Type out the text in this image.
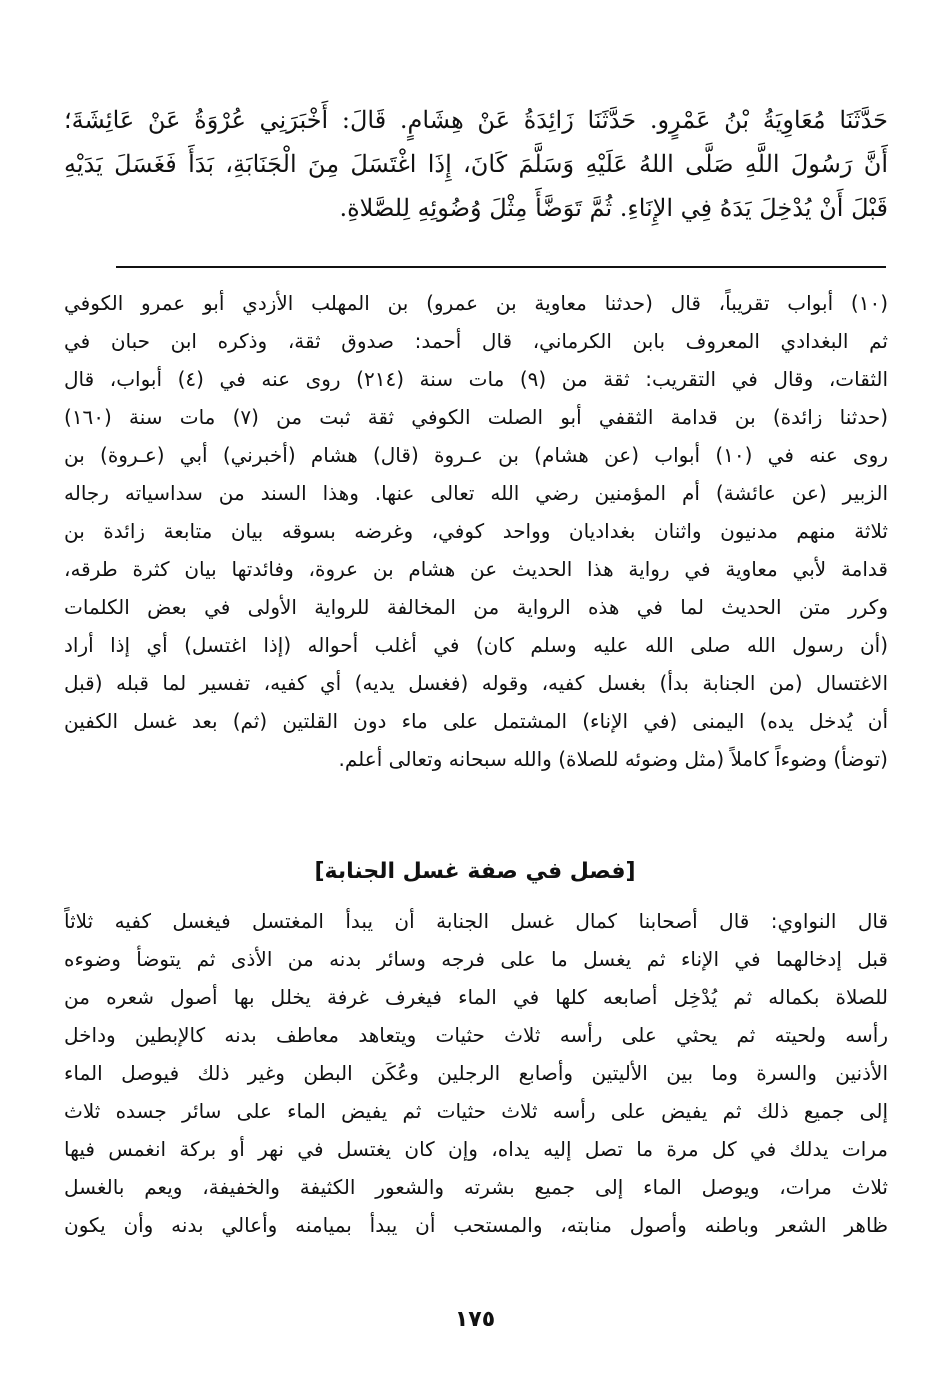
حَدَّثَنَا مُعَاوِيَةُ بْنُ عَمْرٍو. حَدَّثَنَا زَائِدَةُ عَنْ هِشَامٍ. قَالَ: أَخْبَرَنِي عُرْوَةُ عَنْ عَائِشَةَ؛
أَنَّ رَسُولَ اللَّهِ صَلَّى اللهُ عَلَيْهِ وَسَلَّمَ كَانَ، إِذَا اغْتَسَلَ مِنَ الْجَنَابَةِ، بَدَأَ فَغَسَلَ يَدَيْهِ
قَبْلَ أَنْ يُدْخِلَ يَدَهُ فِي الإِنَاءِ. ثُمَّ تَوَضَّأَ مِثْلَ وُضُوئِهِ لِلصَّلاةِ.
(١٠) أبواب تقريباً، قال (حدثنا معاوية بن عمرو) بن المهلب الأزدي أبو عمرو الكوفي
ثم البغدادي المعروف بابن الكرماني، قال أحمد: صدوق ثقة، وذكره ابن حبان في
الثقات، وقال في التقريب: ثقة من (٩) مات سنة (٢١٤) روى عنه في (٤) أبواب، قال
(حدثنا زائدة) بن قدامة الثقفي أبو الصلت الكوفي ثقة ثبت من (٧) مات سنة (١٦٠)
روى عنه في (١٠) أبواب (عن هشام) بن عـروة (قال) هشام (أخبرني) أبي (عـروة) بن
الزبير (عن عائشة) أم المؤمنين رضي الله تعالى عنها. وهذا السند من سداسياته رجاله
ثلاثة منهم مدنيون واثنان بغداديان وواحد كوفي، وغرضه بسوقه بيان متابعة زائدة بن
قدامة لأبي معاوية في رواية هذا الحديث عن هشام بن عروة، وفائدتها بيان كثرة طرقه،
وكرر متن الحديث لما في هذه الرواية من المخالفة للرواية الأولى في بعض الكلمات
(أن رسول الله صلى الله عليه وسلم كان) في أغلب أحواله (إذا اغتسل) أي إذا أراد
الاغتسال (من الجنابة بدأ) بغسل كفيه، وقوله (فغسل يديه) أي كفيه، تفسير لما قبله (قبل
أن يُدخل يده) اليمنى (في الإناء) المشتمل على ماء دون القلتين (ثم) بعد غسل الكفين
(توضأ) وضوءاً كاملاً (مثل وضوئه للصلاة) والله سبحانه وتعالى أعلم.
[فصل في صفة غسل الجنابة]
قال النواوي: قال أصحابنا كمال غسل الجنابة أن يبدأ المغتسل فيغسل كفيه ثلاثاً
قبل إدخالهما في الإناء ثم يغسل ما على فرجه وسائر بدنه من الأذى ثم يتوضأ وضوءه
للصلاة بكماله ثم يُدْخِل أصابعه كلها في الماء فيغرف غرفة يخلل بها أصول شعره من
رأسه ولحيته ثم يحثي على رأسه ثلاث حثيات ويتعاهد معاطف بدنه كالإبطين وداخل
الأذنين والسرة وما بين الأليتين وأصابع الرجلين وعُكَن البطن وغير ذلك فيوصل الماء
إلى جميع ذلك ثم يفيض على رأسه ثلاث حثيات ثم يفيض الماء على سائر جسده ثلاث
مرات يدلك في كل مرة ما تصل إليه يداه، وإن كان يغتسل في نهر أو بركة انغمس فيها
ثلاث مرات، ويوصل الماء إلى جميع بشرته والشعور الكثيفة والخفيفة، ويعم بالغسل
ظاهر الشعر وباطنه وأصول منابته، والمستحب أن يبدأ بميامنه وأعالي بدنه وأن يكون
١٧٥
